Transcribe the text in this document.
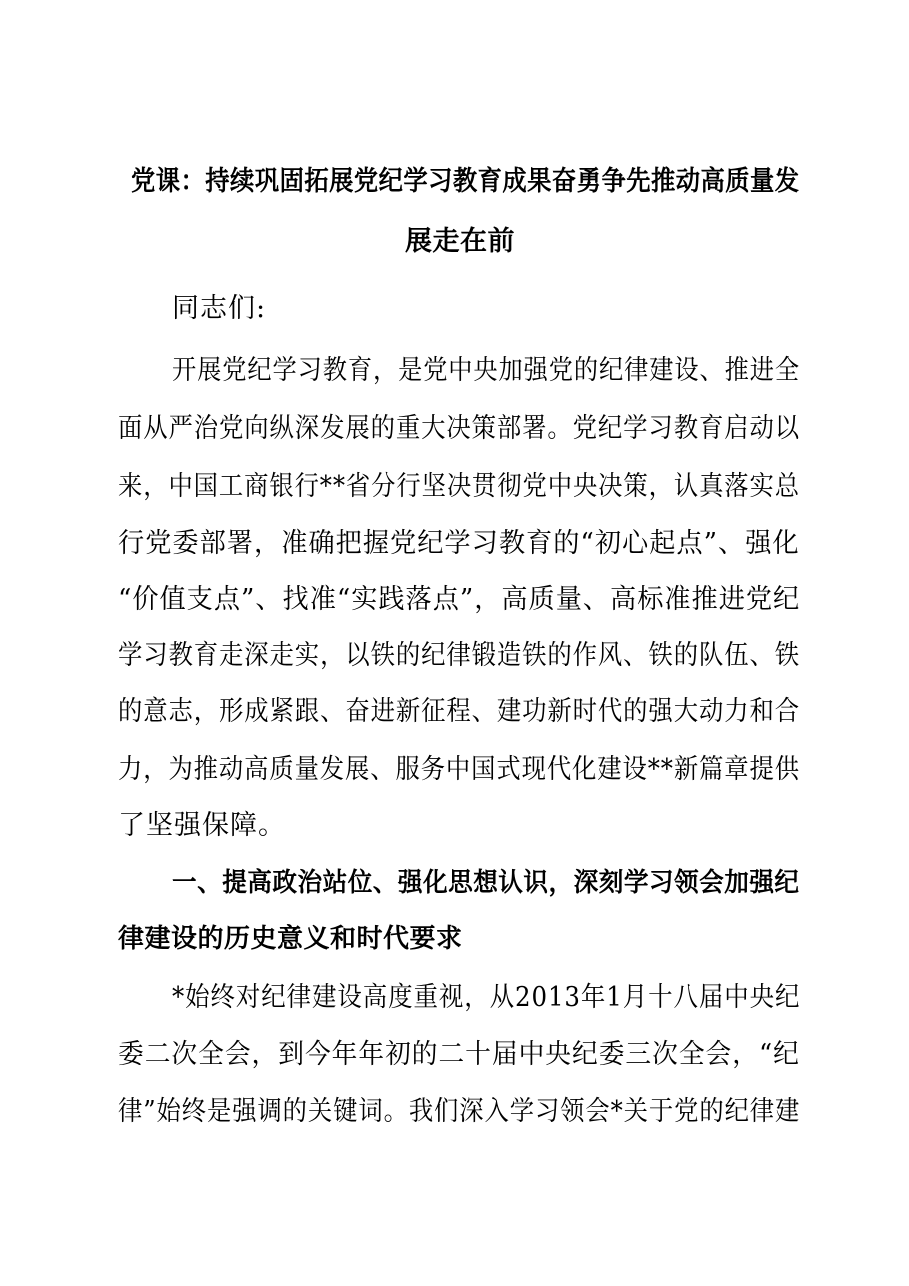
党课：持续巩固拓展党纪学习教育成果奋勇争先推动高质量发
展走在前
同志们:
开展党纪学习教育，是党中央加强党的纪律建设、推进全
面从严治党向纵深发展的重大决策部署。党纪学习教育启动以
来，中国工商银行**省分行坚决贯彻党中央决策，认真落实总
行党委部署，准确把握党纪学习教育的“初心起点”、强化
“价值支点”、找准“实践落点”，高质量、高标准推进党纪
学习教育走深走实，以铁的纪律锻造铁的作风、铁的队伍、铁
的意志，形成紧跟、奋进新征程、建功新时代的强大动力和合
力，为推动高质量发展、服务中国式现代化建设**新篇章提供
了坚强保障。
一、提高政治站位、强化思想认识，深刻学习领会加强纪
律建设的历史意义和时代要求
*始终对纪律建设高度重视，从2013年1月十八届中央纪
委二次全会，到今年年初的二十届中央纪委三次全会，“纪
律”始终是强调的关键词。我们深入学习领会*关于党的纪律建
